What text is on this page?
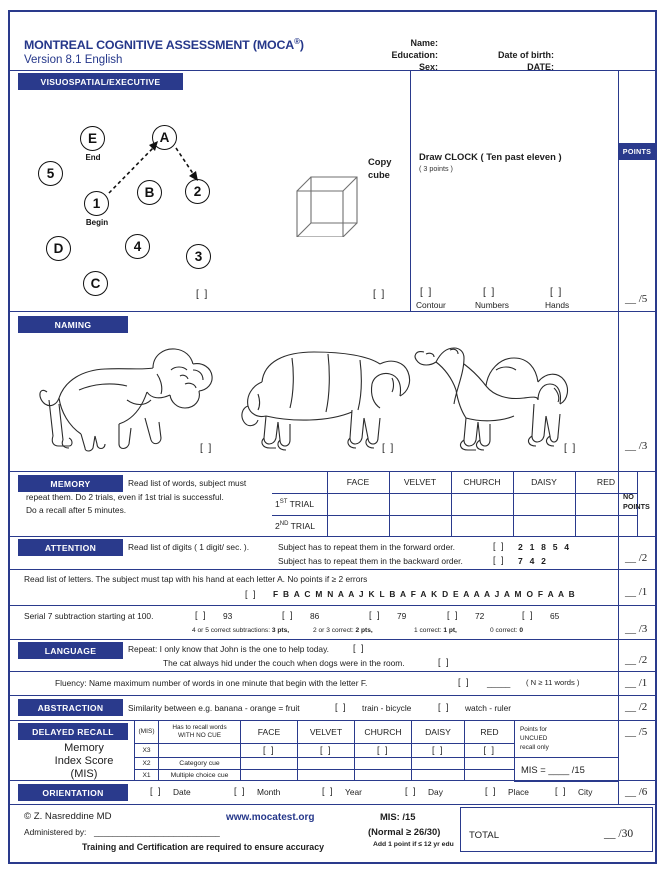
MONTREAL COGNITIVE ASSESSMENT (MOCA®)
Version 8.1 English
Name:
Education:
Sex:
Date of birth:
DATE:
VISUOSPATIAL/EXECUTIVE
POINTS
5
E
End
A
1
Begin
B	2
D	4
3
C
[ ]
Copy
cube
[ ]
Draw CLOCK ( Ten past eleven )
( 3 points )
[ ]
Contour
[ ]
Numbers
[ ]
Hands	__ /5
NAMING
[ ]	[ ]	[ ]	__ /3
MEMORY	Read list of words, subject must
repeat them. Do 2 trials, even if 1st trial is successful.
Do a recall after 5 minutes.
	FACE	VELVET	CHURCH	DAISY	RED
1ST TRIAL					
2ND TRIAL					
NO
POINTS
ATTENTION	Read list of digits ( 1 digit/ sec. ).	Subject has to repeat them in the forward order.	[ ] 2 1 8 5 4
Subject has to repeat them in the backward order.	[ ] 7 4 2	__ /2
Read list of letters. The subject must tap with his hand at each letter A. No points if ≥ 2 errors
[ ] F B A C M N A A J K L B A F A K D E A A A J A M O F A A B	__ /1
Serial 7 subtraction starting at 100.	[ ] 93	[ ] 86	[ ] 79	[ ] 72	[ ] 65
4 or 5 correct subtractions: 3 pts,	2 or 3 correct: 2 pts,	1 correct: 1 pt,	0 correct: 0	__ /3
LANGUAGE	Repeat: I only know that John is the one to help today.	[ ]
The cat always hid under the couch when dogs were in the room.	[ ]	__ /2
Fluency: Name maximum number of words in one minute that begin with the letter F.	[ ] _____ ( N ≥ 11 words )	__ /1
ABSTRACTION	Similarity between e.g. banana - orange = fruit	[ ] train - bicycle	[ ] watch - ruler	__ /2
DELAYED RECALL
Memory
Index Score
(MIS)
(MIS)	Has to recall words
WITH NO CUE	FACE	VELVET	CHURCH	DAISY	RED	Points for
UNCUED
recall only
X3		[ ]	[ ]	[ ]	[ ]	[ ]	
X2	Category cue						MIS = ____ /15
X1	Multiple choice cue						
__ /5
ORIENTATION	[ ] Date	[ ] Month	[ ] Year	[ ] Day	[ ] Place	[ ] City	__ /6
© Z. Nasreddine MD	www.mocatest.org
Administered by: ___________________________
Training and Certification are required to ensure accuracy
MIS: /15
(Normal ≥ 26/30)
Add 1 point if ≤ 12 yr edu
TOTAL	__ /30
